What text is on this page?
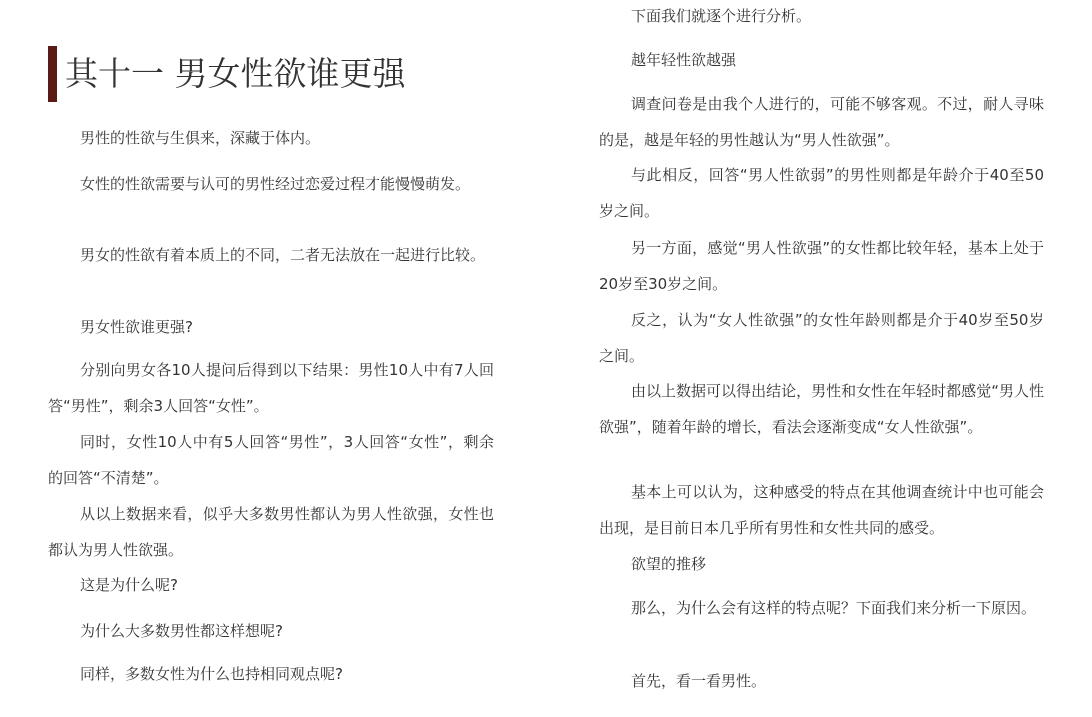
其十一 男女性欲谁更强

男性的性欲与生俱来，深藏于体内。

女性的性欲需要与认可的男性经过恋爱过程才能慢慢萌发。

男女的性欲有着本质上的不同，二者无法放在一起进行比较。

男女性欲谁更强?

分别向男女各10人提问后得到以下结果：男性10人中有7人回答“男性”，剩余3人回答“女性”。

同时，女性10人中有5人回答“男性”，3人回答“女性”，剩余的回答“不清楚”。

从以上数据来看，似乎大多数男性都认为男人性欲强，女性也都认为男人性欲强。

这是为什么呢?

为什么大多数男性都这样想呢?

同样，多数女性为什么也持相同观点呢?

下面我们就逐个进行分析。

越年轻性欲越强

调查问卷是由我个人进行的，可能不够客观。不过，耐人寻味的是，越是年轻的男性越认为“男人性欲强”。

与此相反，回答“男人性欲弱”的男性则都是年龄介于40至50岁之间。

另一方面，感觉“男人性欲强”的女性都比较年轻，基本上处于20岁至30岁之间。

反之，认为“女人性欲强”的女性年龄则都是介于40岁至50岁之间。

由以上数据可以得出结论，男性和女性在年轻时都感觉“男人性欲强”，随着年龄的增长，看法会逐渐变成“女人性欲强”。

基本上可以认为，这种感受的特点在其他调查统计中也可能会出现，是目前日本几乎所有男性和女性共同的感受。

欲望的推移

那么，为什么会有这样的特点呢？下面我们来分析一下原因。

首先，看一看男性。
